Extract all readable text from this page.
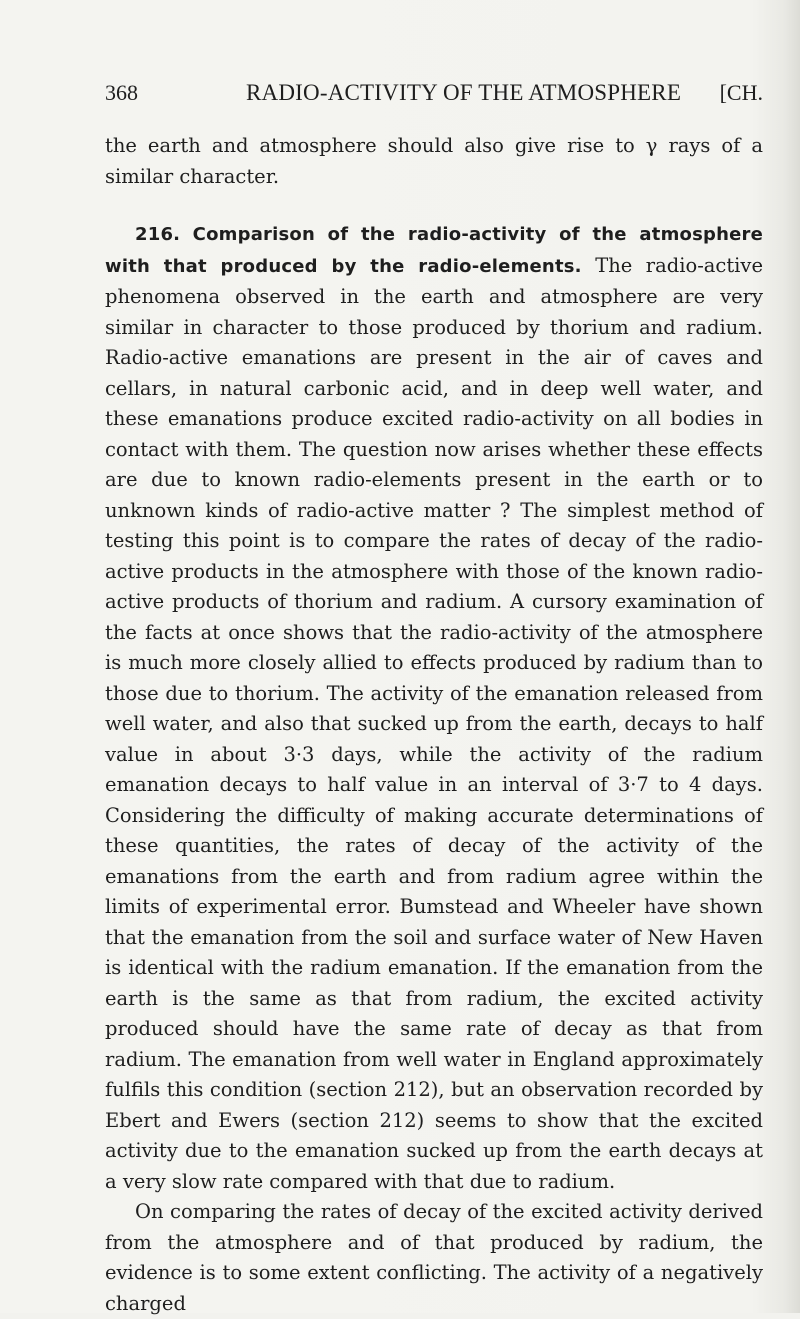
368	RADIO-ACTIVITY OF THE ATMOSPHERE [CH.

the earth and atmosphere should also give rise to γ rays of a similar character.

216. Comparison of the radio-activity of the atmosphere with that produced by the radio-elements. The radio-active phenomena observed in the earth and atmosphere are very similar in character to those produced by thorium and radium. Radio-active emanations are present in the air of caves and cellars, in natural carbonic acid, and in deep well water, and these emanations produce excited radio-activity on all bodies in contact with them. The question now arises whether these effects are due to known radio-elements present in the earth or to unknown kinds of radio-active matter ? The simplest method of testing this point is to compare the rates of decay of the radio-active products in the atmosphere with those of the known radio-active products of thorium and radium. A cursory examination of the facts at once shows that the radio-activity of the atmosphere is much more closely allied to effects produced by radium than to those due to thorium. The activity of the emanation released from well water, and also that sucked up from the earth, decays to half value in about 3·3 days, while the activity of the radium emanation decays to half value in an interval of 3·7 to 4 days. Considering the difficulty of making accurate determinations of these quantities, the rates of decay of the activity of the emanations from the earth and from radium agree within the limits of experimental error. Bumstead and Wheeler have shown that the emanation from the soil and surface water of New Haven is identical with the radium emanation. If the emanation from the earth is the same as that from radium, the excited activity produced should have the same rate of decay as that from radium. The emanation from well water in England approximately fulfils this condition (section 212), but an observation recorded by Ebert and Ewers (section 212) seems to show that the excited activity due to the emanation sucked up from the earth decays at a very slow rate compared with that due to radium.

On comparing the rates of decay of the excited activity derived from the atmosphere and of that produced by radium, the evidence is to some extent conflicting. The activity of a negatively charged
